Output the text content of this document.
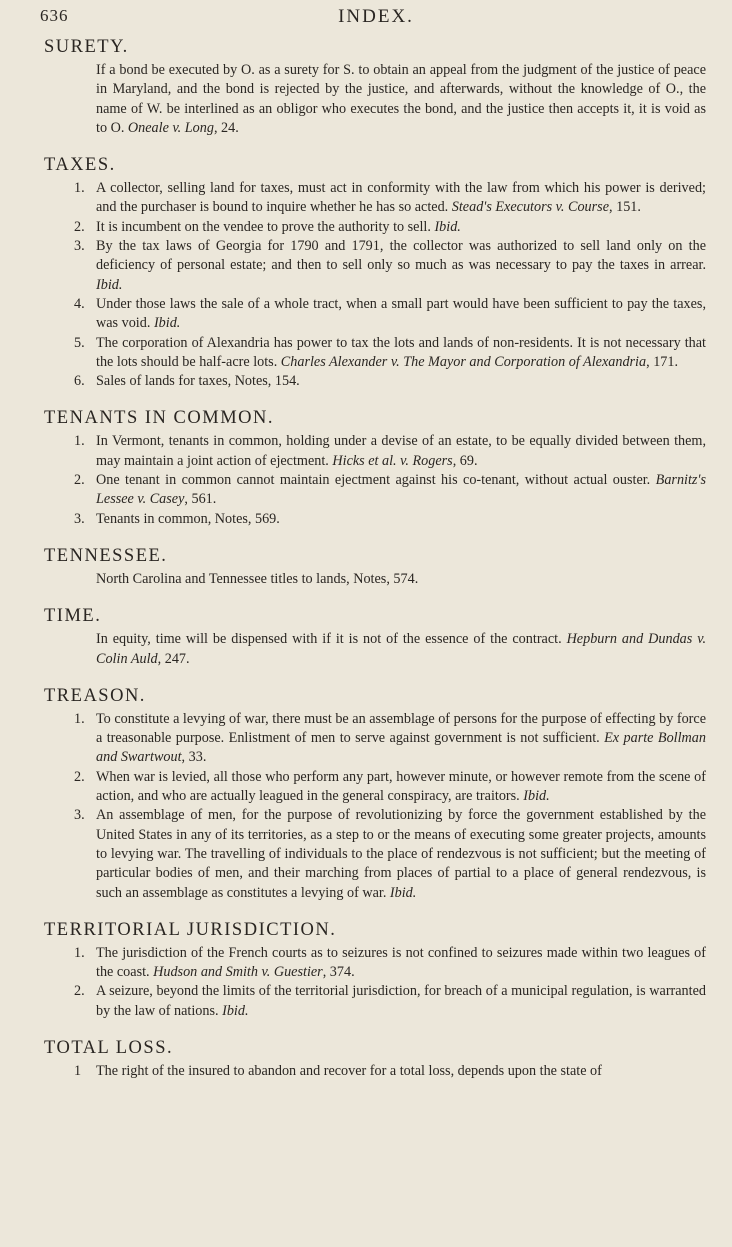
636	INDEX.
SURETY.
If a bond be executed by O. as a surety for S. to obtain an appeal from the judgment of the justice of peace in Maryland, and the bond is rejected by the justice, and afterwards, without the knowledge of O., the name of W. be interlined as an obligor who executes the bond, and the justice then accepts it, it is void as to O. Oneale v. Long, 24.
TAXES.
1. A collector, selling land for taxes, must act in conformity with the law from which his power is derived; and the purchaser is bound to inquire whether he has so acted. Stead's Executors v. Course, 151.
2. It is incumbent on the vendee to prove the authority to sell. Ibid.
3. By the tax laws of Georgia for 1790 and 1791, the collector was authorized to sell land only on the deficiency of personal estate; and then to sell only so much as was necessary to pay the taxes in arrear. Ibid.
4. Under those laws the sale of a whole tract, when a small part would have been sufficient to pay the taxes, was void. Ibid.
5. The corporation of Alexandria has power to tax the lots and lands of non-residents. It is not necessary that the lots should be half-acre lots. Charles Alexander v. The Mayor and Corporation of Alexandria, 171.
6. Sales of lands for taxes, Notes, 154.
TENANTS IN COMMON.
1. In Vermont, tenants in common, holding under a devise of an estate, to be equally divided between them, may maintain a joint action of ejectment. Hicks et al. v. Rogers, 69.
2. One tenant in common cannot maintain ejectment against his co-tenant, without actual ouster. Barnitz's Lessee v. Casey, 561.
3. Tenants in common, Notes, 569.
TENNESSEE.
North Carolina and Tennessee titles to lands, Notes, 574.
TIME.
In equity, time will be dispensed with if it is not of the essence of the contract. Hepburn and Dundas v. Colin Auld, 247.
TREASON.
1. To constitute a levying of war, there must be an assemblage of persons for the purpose of effecting by force a treasonable purpose. Enlistment of men to serve against government is not sufficient. Ex parte Bollman and Swartwout, 33.
2. When war is levied, all those who perform any part, however minute, or however remote from the scene of action, and who are actually leagued in the general conspiracy, are traitors. Ibid.
3. An assemblage of men, for the purpose of revolutionizing by force the government established by the United States in any of its territories, as a step to or the means of executing some greater projects, amounts to levying war. The travelling of individuals to the place of rendezvous is not sufficient; but the meeting of particular bodies of men, and their marching from places of partial to a place of general rendezvous, is such an assemblage as constitutes a levying of war. Ibid.
TERRITORIAL JURISDICTION.
1. The jurisdiction of the French courts as to seizures is not confined to seizures made within two leagues of the coast. Hudson and Smith v. Guestier, 374.
2. A seizure, beyond the limits of the territorial jurisdiction, for breach of a municipal regulation, is warranted by the law of nations. Ibid.
TOTAL LOSS.
1 The right of the insured to abandon and recover for a total loss, depends upon the state of
